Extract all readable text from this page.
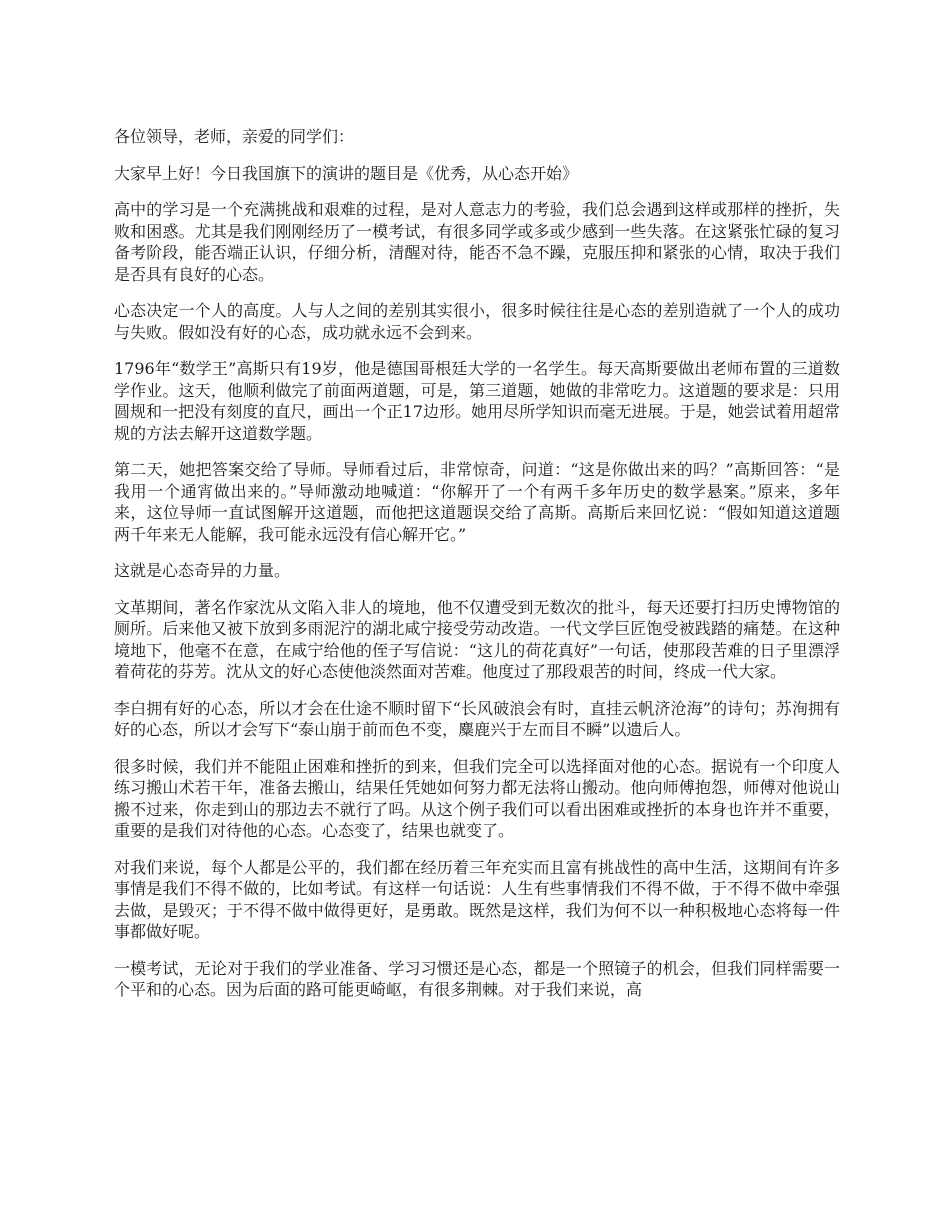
各位领导，老师，亲爱的同学们：

大家早上好！今日我国旗下的演讲的题目是《优秀，从心态开始》

高中的学习是一个充满挑战和艰难的过程，是对人意志力的考验，我们总会遇到这样或那样的挫折，失败和困惑。尤其是我们刚刚经历了一模考试，有很多同学或多或少感到一些失落。在这紧张忙碌的复习备考阶段，能否端正认识，仔细分析，清醒对待，能否不急不躁，克服压抑和紧张的心情，取决于我们是否具有良好的心态。

心态决定一个人的高度。人与人之间的差别其实很小，很多时候往往是心态的差别造就了一个人的成功与失败。假如没有好的心态，成功就永远不会到来。

1796年“数学王”高斯只有19岁，他是德国哥根廷大学的一名学生。每天高斯要做出老师布置的三道数学作业。这天，他顺利做完了前面两道题，可是，第三道题，她做的非常吃力。这道题的要求是：只用圆规和一把没有刻度的直尺，画出一个正17边形。她用尽所学知识而毫无进展。于是，她尝试着用超常规的方法去解开这道数学题。

第二天，她把答案交给了导师。导师看过后，非常惊奇，问道：“这是你做出来的吗？”高斯回答：“是我用一个通宵做出来的。”导师激动地喊道：“你解开了一个有两千多年历史的数学悬案。”原来，多年来，这位导师一直试图解开这道题，而他把这道题误交给了高斯。高斯后来回忆说：“假如知道这道题两千年来无人能解，我可能永远没有信心解开它。”

这就是心态奇异的力量。

文革期间，著名作家沈从文陷入非人的境地，他不仅遭受到无数次的批斗，每天还要打扫历史博物馆的厕所。后来他又被下放到多雨泥泞的湖北咸宁接受劳动改造。一代文学巨匠饱受被践踏的痛楚。在这种境地下，他毫不在意，在咸宁给他的侄子写信说：“这儿的荷花真好”一句话，使那段苦难的日子里漂浮着荷花的芬芳。沈从文的好心态使他淡然面对苦难。他度过了那段艰苦的时间，终成一代大家。

李白拥有好的心态，所以才会在仕途不顺时留下“长风破浪会有时，直挂云帆济沧海”的诗句；苏洵拥有好的心态，所以才会写下“泰山崩于前而色不变，麋鹿兴于左而目不瞬”以遗后人。

很多时候，我们并不能阻止困难和挫折的到来，但我们完全可以选择面对他的心态。据说有一个印度人练习搬山术若干年，准备去搬山，结果任凭她如何努力都无法将山搬动。他向师傅抱怨，师傅对他说山搬不过来，你走到山的那边去不就行了吗。从这个例子我们可以看出困难或挫折的本身也许并不重要，重要的是我们对待他的心态。心态变了，结果也就变了。

对我们来说，每个人都是公平的，我们都在经历着三年充实而且富有挑战性的高中生活，这期间有许多事情是我们不得不做的，比如考试。有这样一句话说：人生有些事情我们不得不做，于不得不做中牵强去做，是毁灭；于不得不做中做得更好，是勇敢。既然是这样，我们为何不以一种积极地心态将每一件事都做好呢。

一模考试，无论对于我们的学业准备、学习习惯还是心态，都是一个照镜子的机会，但我们同样需要一个平和的心态。因为后面的路可能更崎岖，有很多荆棘。对于我们来说，高
